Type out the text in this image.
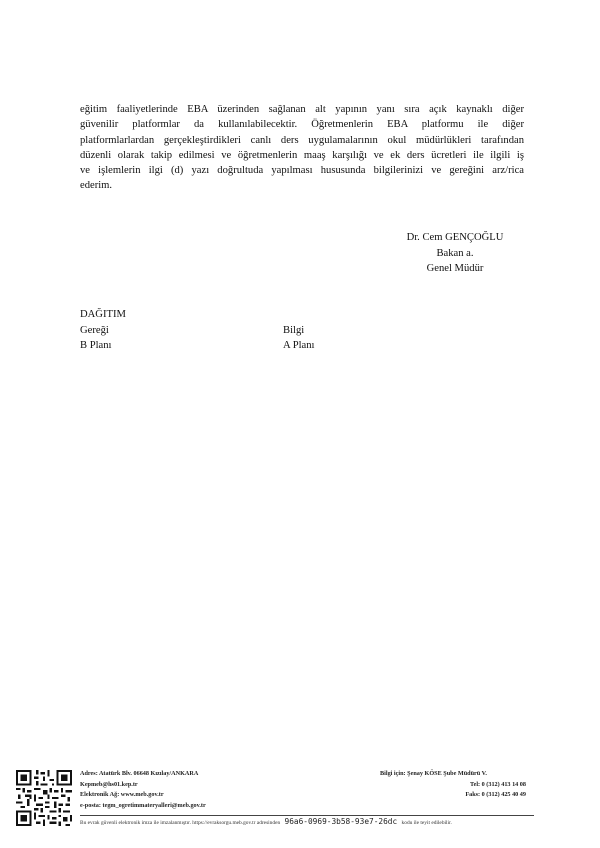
eğitim faaliyetlerinde EBA üzerinden sağlanan alt yapının yanı sıra açık kaynaklı diğer
güvenilir platformlar da kullanılabilecektir. Öğretmenlerin EBA platformu ile diğer
platformlarlardan gerçekleştirdikleri canlı ders uygulamalarının okul müdürlükleri tarafından
düzenli olarak takip edilmesi ve öğretmenlerin maaş karşılığı ve ek ders ücretleri ile ilgili iş
ve işlemlerin ilgi (d) yazı doğrultuda yapılması hususunda bilgilerinizi ve gereğini arz/rica
ederim.
Dr. Cem GENÇOĞLU
Bakan a.
Genel Müdür
DAĞITIM
Gereği	Bilgi
B Planı	A Planı
Adres: Atatürk Blv. 06648 Kızılay/ANKARA
Kepmeb@hs01.kep.tr
Elektronik Ağ: www.meb.gov.tr
e-posta: tegm_ogretimmateryalleri@meb.gov.tr
Bilgi için: Şenay KÖSE Şube Müdürü V.
Tel: 0 (312) 413 14 08
Faks: 0 (312) 425 40 49
Bu evrak güvenli elektronik imza ile imzalanmıştır. https://evraksorgu.meb.gov.tr adresinden 96a6-0969-3b58-93e7-26dc kodu ile teyit edilebilir.
